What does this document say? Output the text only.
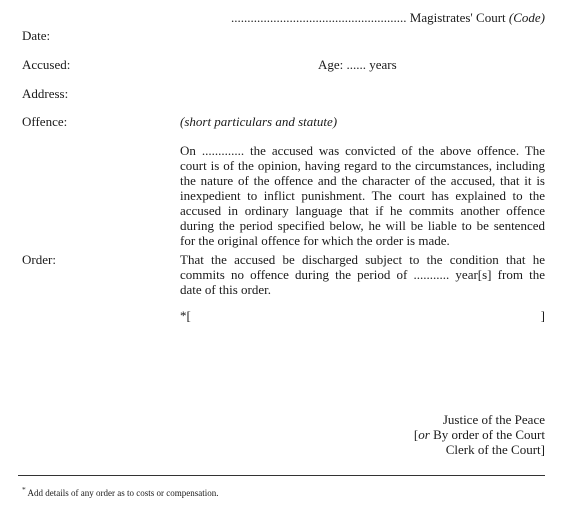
...................................................... Magistrates' Court (Code)
Date:
Accused:
Address:
Offence:
Order:
Age: ...... years
(short particulars and statute)
On ............. the accused was convicted of the above offence. The
court is of the opinion, having regard to the circumstances, including
the nature of the offence and the character of the accused, that it is
inexpedient to inflict punishment. The court has explained to the
accused in ordinary language that if he commits another offence
during the period specified below, he will be liable to be sentenced
for the original offence for which the order is made.
That the accused be discharged subject to the condition that he
commits no offence during the period of ........... year[s] from the
date of this order.
*[	]
Justice of the Peace
[or By order of the Court
Clerk of the Court]
* Add details of any order as to costs or compensation.
